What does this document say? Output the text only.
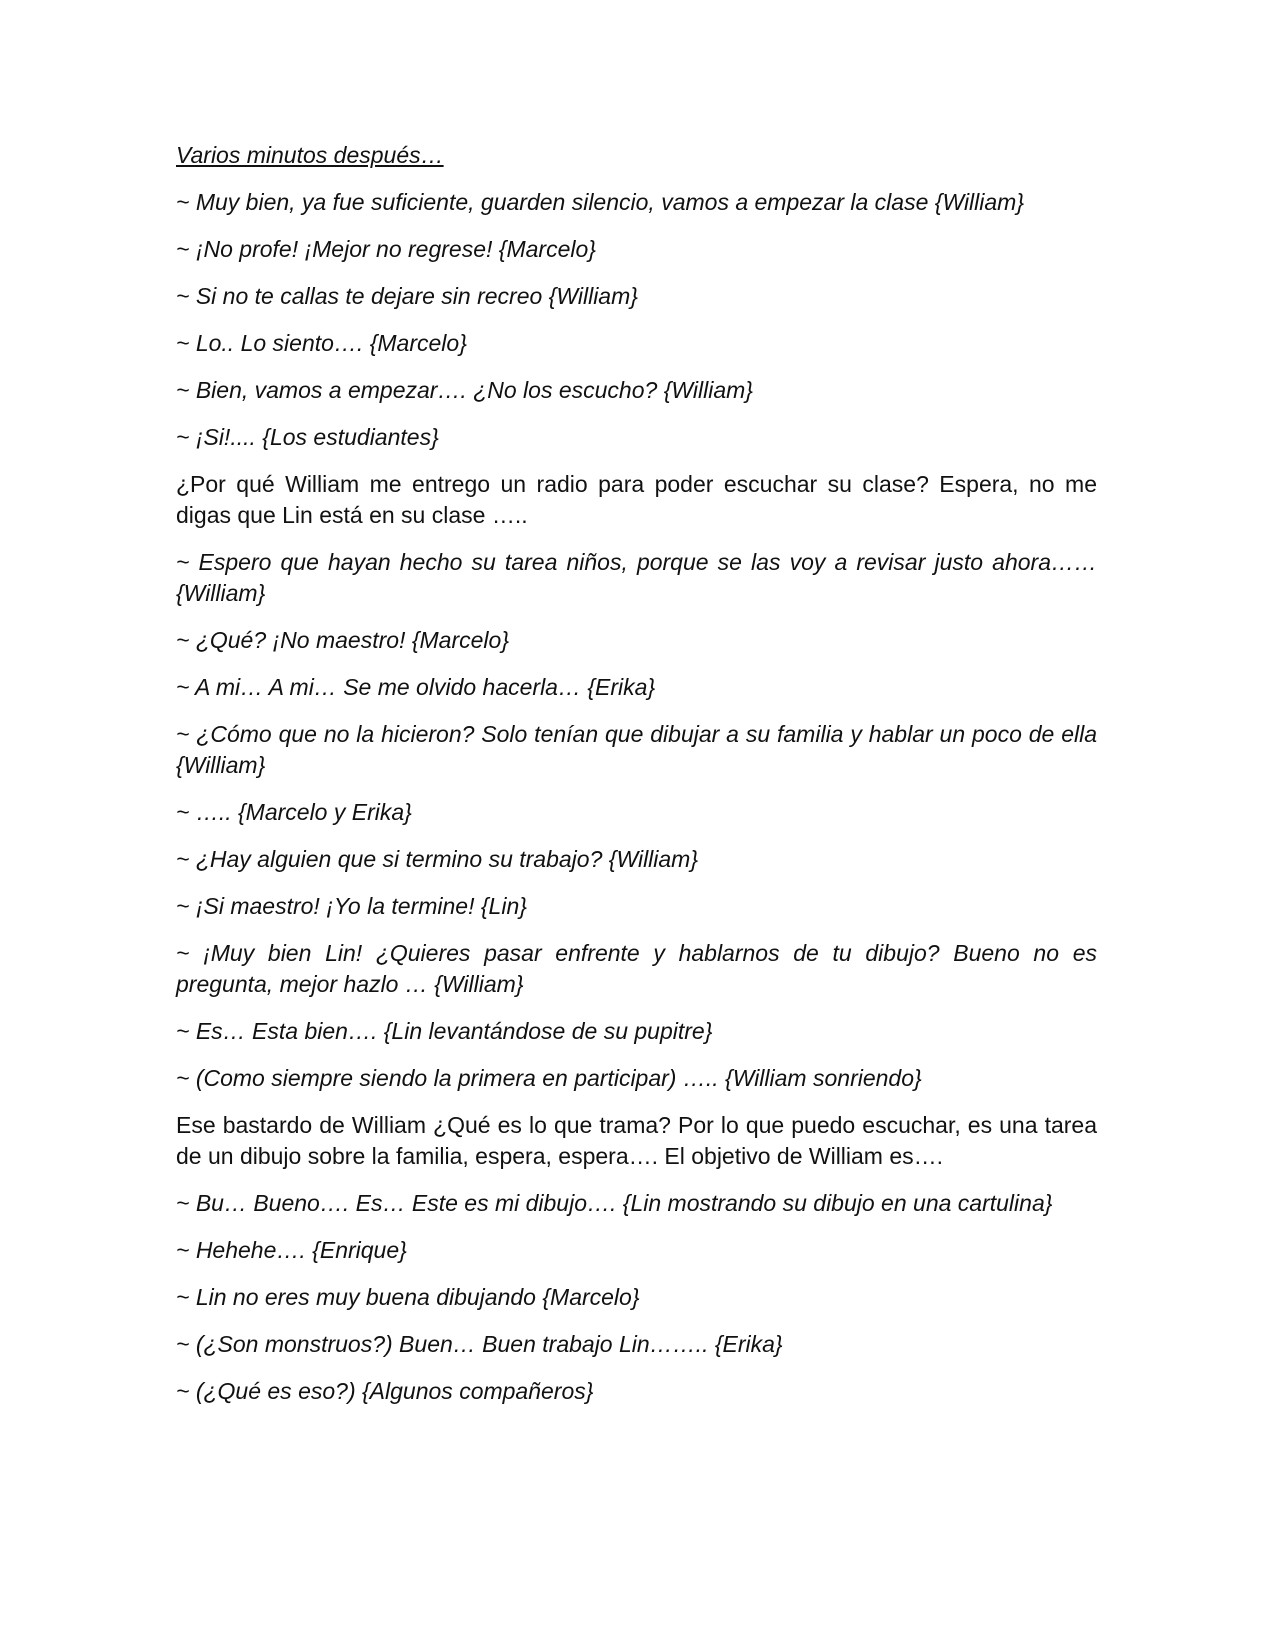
Varios minutos después…

~ Muy bien, ya fue suficiente, guarden silencio, vamos a empezar la clase {William}

~ ¡No profe! ¡Mejor no regrese! {Marcelo}

~ Si no te callas te dejare sin recreo {William}

~ Lo.. Lo siento…. {Marcelo}

~ Bien, vamos a empezar…. ¿No los escucho? {William}

~ ¡Si!.... {Los estudiantes}

¿Por qué William me entrego un radio para poder escuchar su clase? Espera, no me digas que Lin está en su clase …..

~ Espero que hayan hecho su tarea niños, porque se las voy a revisar justo ahora…… {William}

~ ¿Qué? ¡No maestro! {Marcelo}

~ A mi… A mi… Se me olvido hacerla… {Erika}

~ ¿Cómo que no la hicieron? Solo tenían que dibujar a su familia y hablar un poco de ella {William}

~ ….. {Marcelo y Erika}

~ ¿Hay alguien que si termino su trabajo? {William}

~ ¡Si maestro! ¡Yo la termine! {Lin}

~ ¡Muy bien Lin! ¿Quieres pasar enfrente y hablarnos de tu dibujo? Bueno no es pregunta, mejor hazlo … {William}

~ Es… Esta bien…. {Lin levantándose de su pupitre}

~ (Como siempre siendo la primera en participar) ….. {William sonriendo}

Ese bastardo de William ¿Qué es lo que trama? Por lo que puedo escuchar, es una tarea de un dibujo sobre la familia, espera, espera…. El objetivo de William es….

~ Bu… Bueno…. Es… Este es mi dibujo…. {Lin mostrando su dibujo en una cartulina}

~ Hehehe…. {Enrique}

~ Lin no eres muy buena dibujando {Marcelo}

~ (¿Son monstruos?) Buen… Buen trabajo Lin…….. {Erika}

~ (¿Qué es eso?) {Algunos compañeros}
